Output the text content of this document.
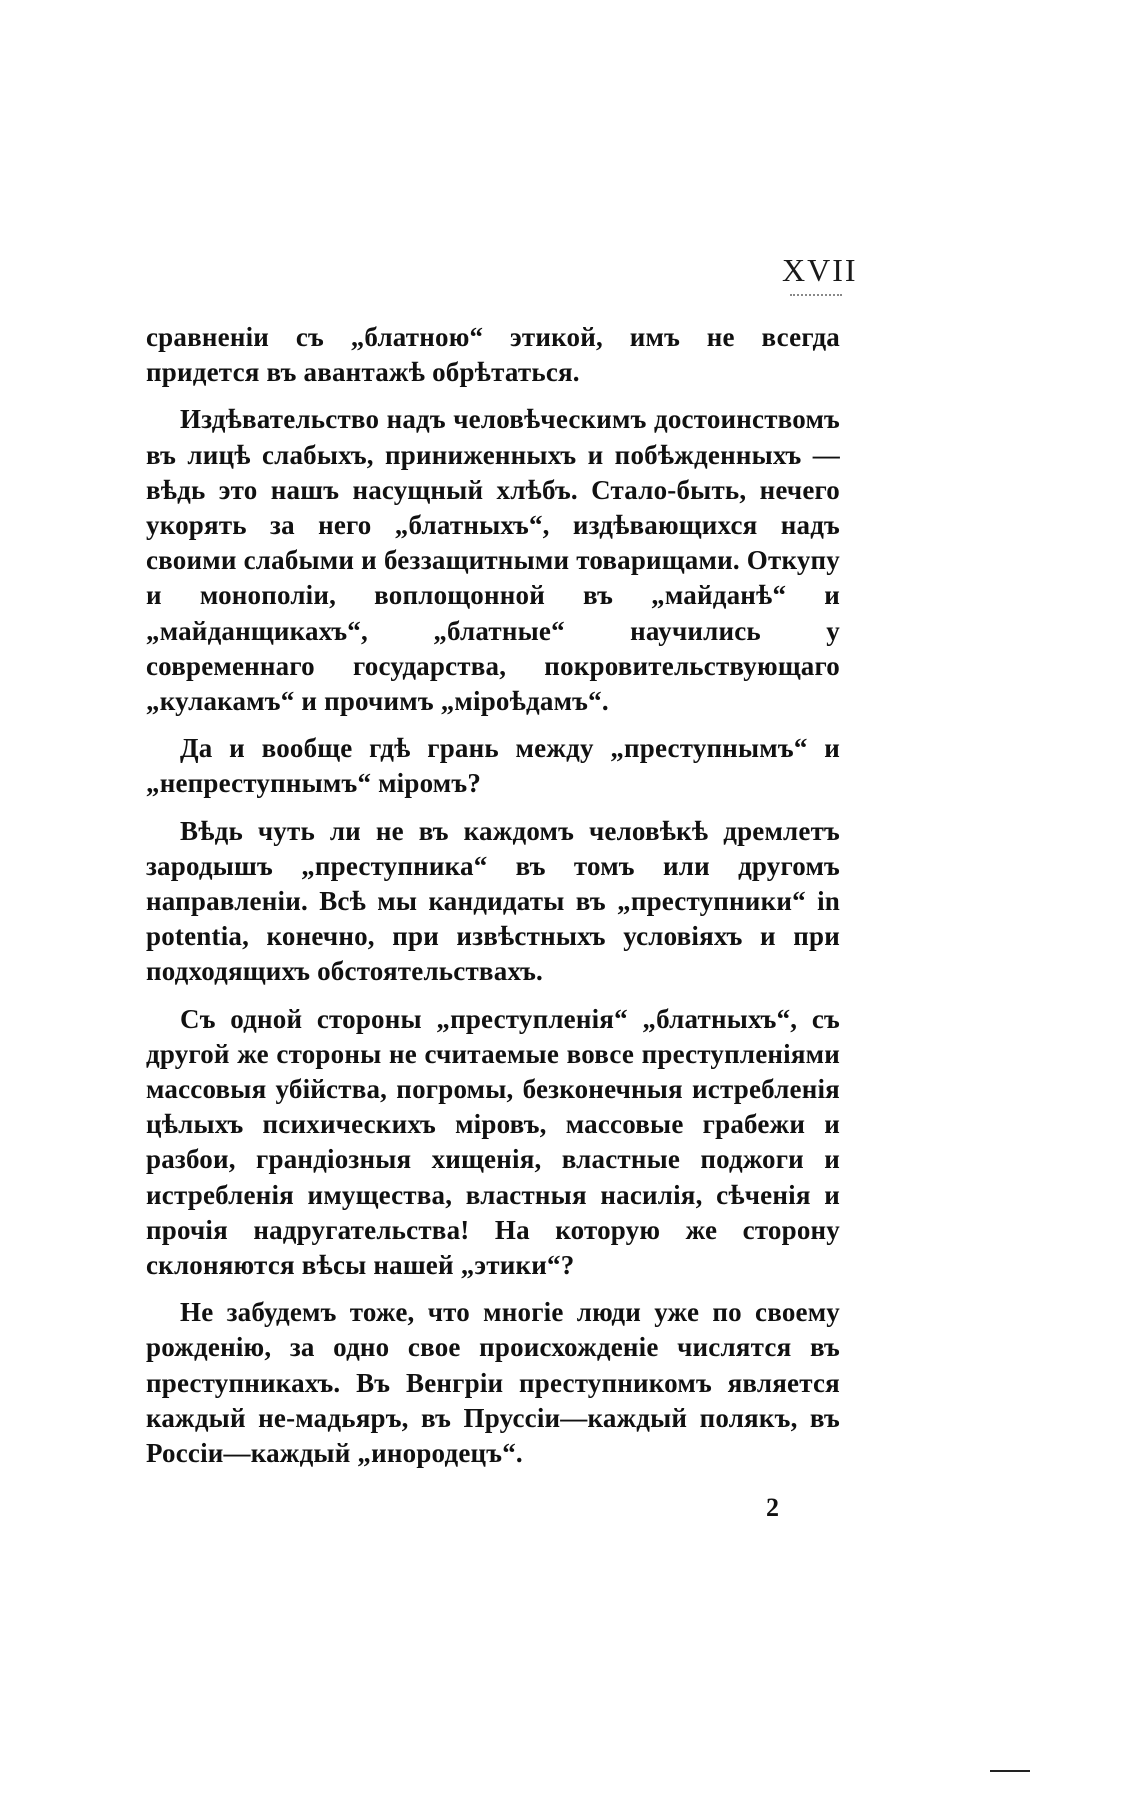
XVII

сравненіи съ „блатною“ этикой, имъ не всегда придется въ авантажѣ обрѣтаться.

Издѣвательство надъ человѣческимъ достоинствомъ въ лицѣ слабыхъ, приниженныхъ и побѣжденныхъ — вѣдь это нашъ насущный хлѣбъ. Стало-быть, нечего укорять за него „блатныхъ“, издѣвающихся надъ своими слабыми и беззащитными товарищами. Откупу и монополіи, воплощонной въ „майданѣ“ и „майданщикахъ“, „блатные“ научились у современнаго государства, покровительствующаго „кулакамъ“ и прочимъ „міроѣдамъ“.

Да и вообще гдѣ грань между „преступнымъ“ и „непреступнымъ“ міромъ?

Вѣдь чуть ли не въ каждомъ человѣкѣ дремлетъ зародышъ „преступника“ въ томъ или другомъ направленіи. Всѣ мы кандидаты въ „преступники“ in potentia, конечно, при извѣстныхъ условіяхъ и при подходящихъ обстоятельствахъ.

Съ одной стороны „преступленія“ „блатныхъ“, съ другой же стороны не считаемые вовсе преступленіями массовыя убійства, погромы, безконечныя истребленія цѣлыхъ психическихъ міровъ, массовые грабежи и разбои, грандіозныя хищенія, властные поджоги и истребленія имущества, властныя насилія, сѣченія и прочія надругательства! На которую же сторону склоняются вѣсы нашей „этики“?

Не забудемъ тоже, что многіе люди уже по своему рожденію, за одно свое происхожденіе числятся въ преступникахъ. Въ Венгріи преступникомъ является каждый не-мадьяръ, въ Пруссіи—каждый полякъ, въ Россіи—каждый „инородецъ“.

2
